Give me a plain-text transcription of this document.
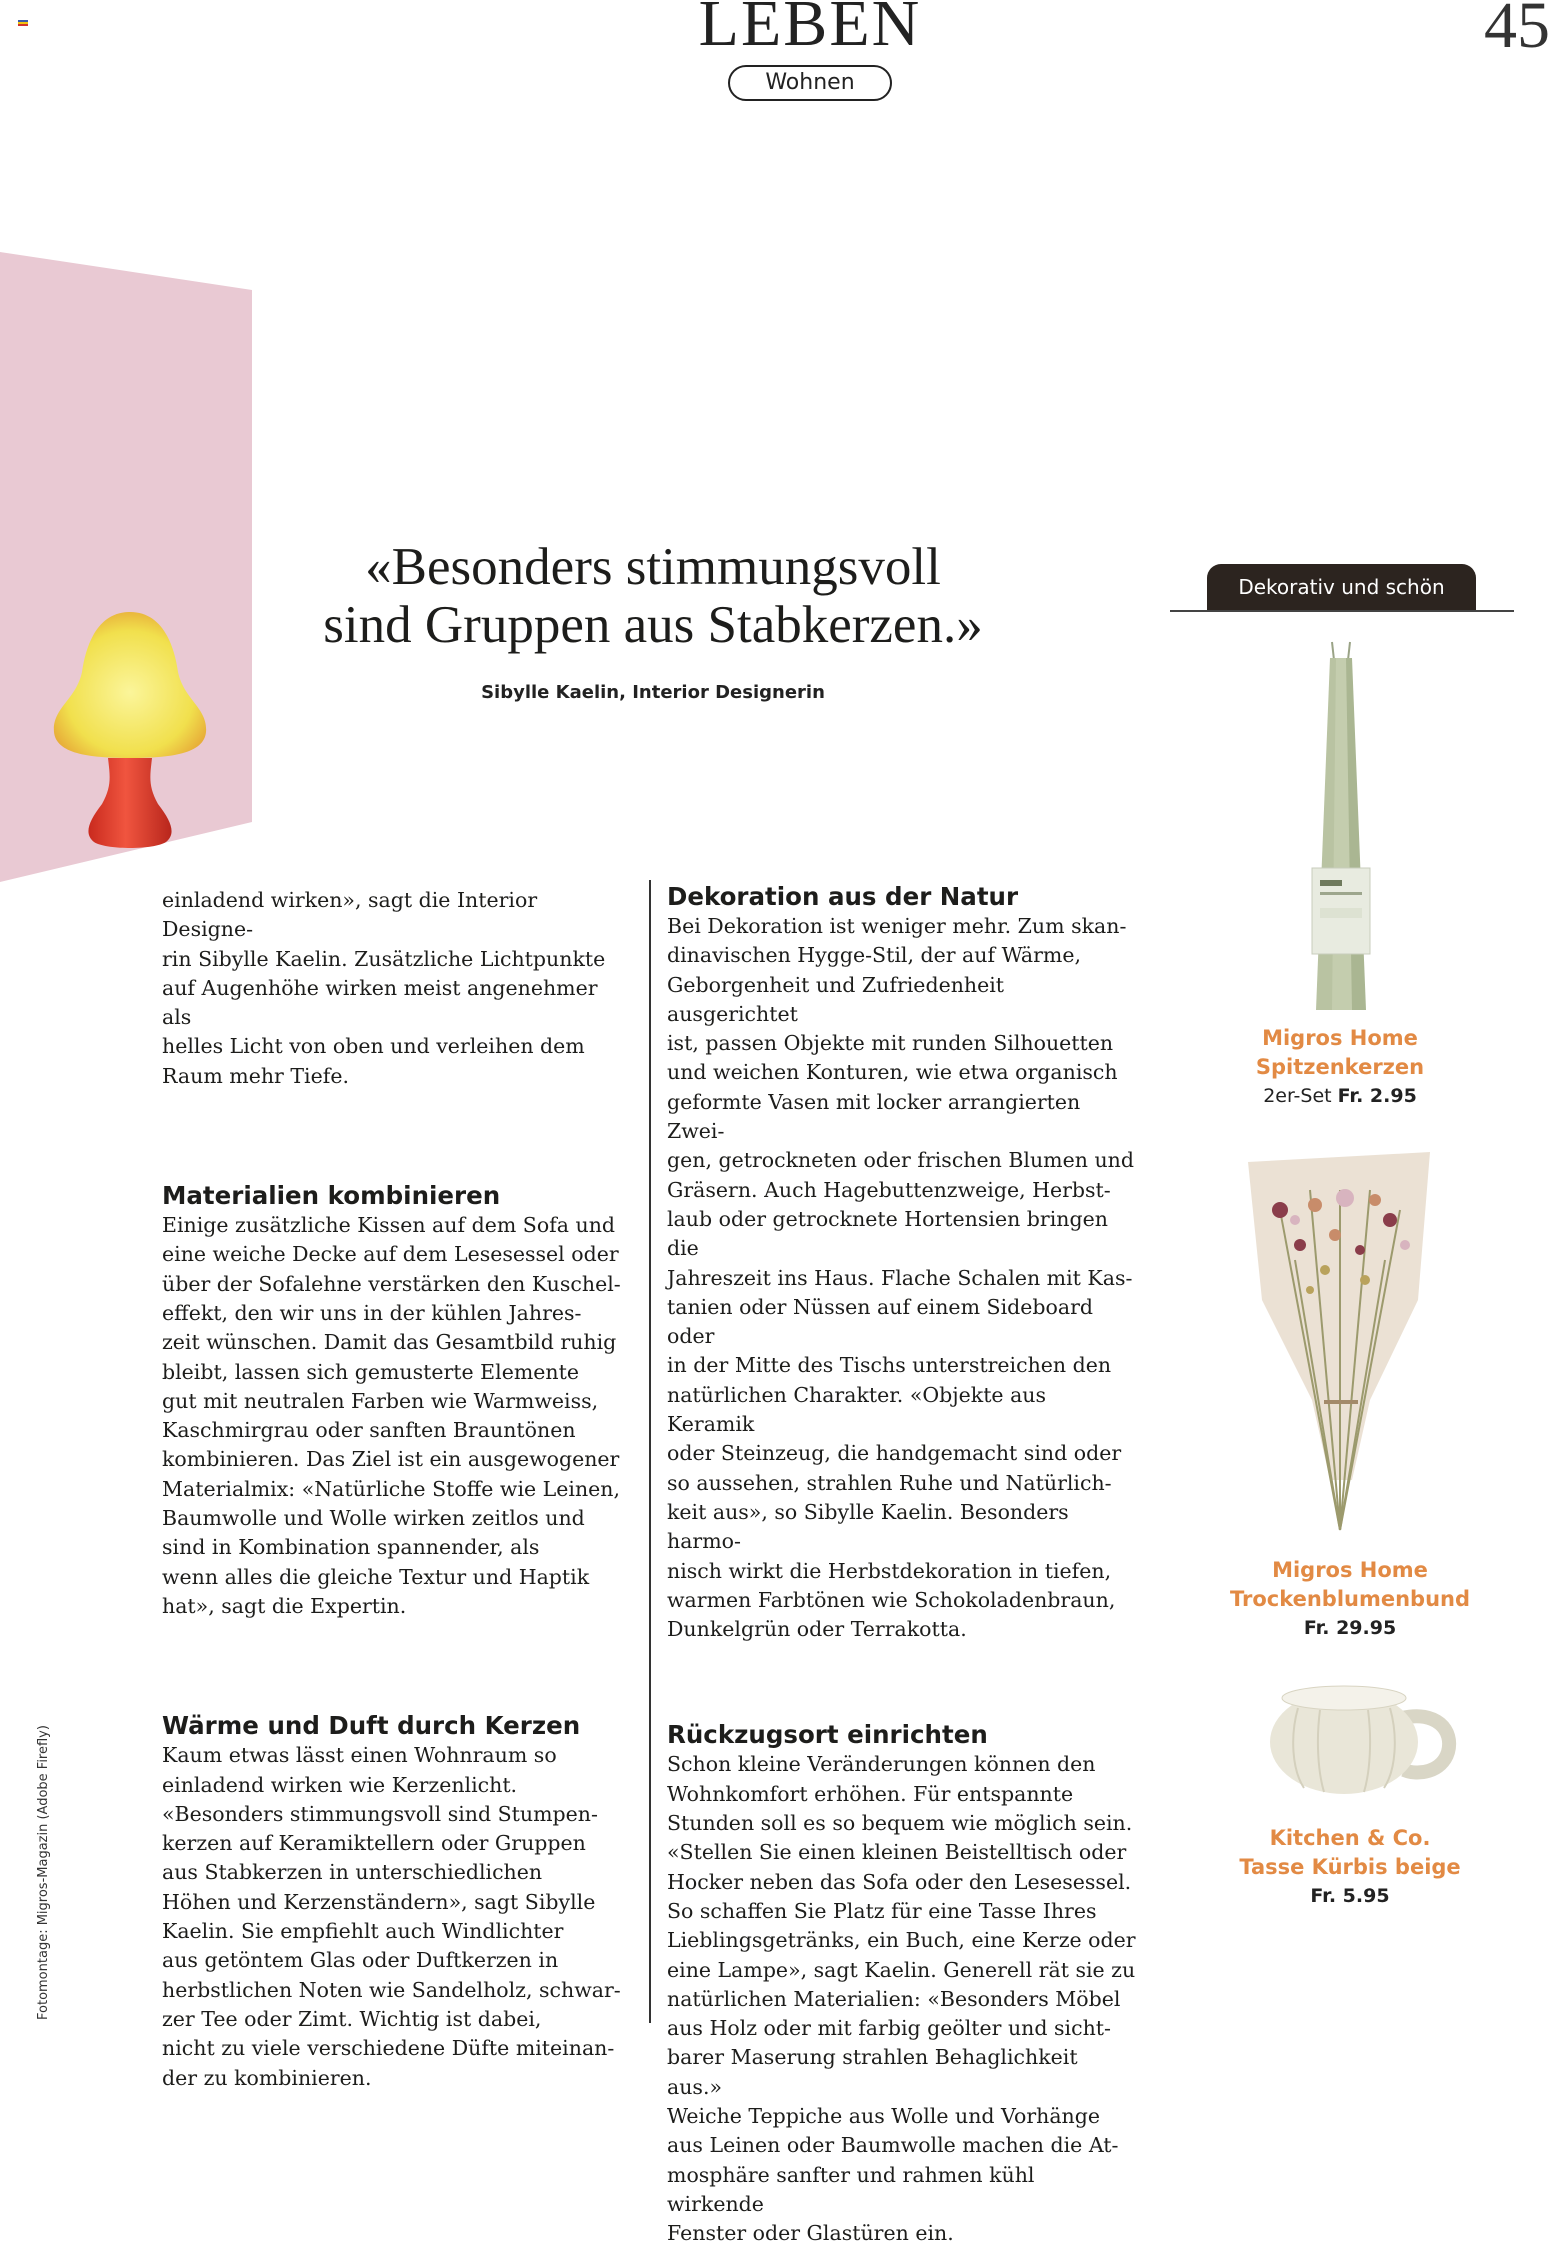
LEBEN	45
Wohnen
«Besonders stimmungsvoll
sind Gruppen aus Stabkerzen.»
Sibylle Kaelin, Interior Designerin

einladend wirken», sagt die Interior Designe-
rin Sibylle Kaelin. Zusätzliche Lichtpunkte
auf Augenhöhe wirken meist angenehmer als
helles Licht von oben und verleihen dem
Raum mehr Tiefe.

Materialien kombinieren

Einige zusätzliche Kissen auf dem Sofa und
eine weiche Decke auf dem Lesesessel oder
über der Sofalehne verstärken den Kuschel-
effekt, den wir uns in der kühlen Jahres-
zeit wünschen. Damit das Gesamtbild ruhig
bleibt, lassen sich gemusterte Elemente
gut mit neutralen Farben wie Warmweiss,
Kaschmirgrau oder sanften Brauntönen
kombinieren. Das Ziel ist ein ausgewogener
Materialmix: «Natürliche Stoffe wie Leinen,
Baumwolle und Wolle wirken zeitlos und
sind in Kombination spannender, als
wenn alles die gleiche Textur und Haptik
hat», sagt die Expertin.

Wärme und Duft durch Kerzen

Kaum etwas lässt einen Wohnraum so
einladend wirken wie Kerzenlicht.
«Besonders stimmungsvoll sind Stumpen-
kerzen auf Keramiktellern oder Gruppen
aus Stabkerzen in unterschiedlichen
Höhen und Kerzenständern», sagt Sibylle
Kaelin. Sie empfiehlt auch Windlichter
aus getöntem Glas oder Duftkerzen in
herbstlichen Noten wie Sandelholz, schwar-
zer Tee oder Zimt. Wichtig ist dabei,
nicht zu viele verschiedene Düfte miteinan-
der zu kombinieren.

Dekoration aus der Natur

Bei Dekoration ist weniger mehr. Zum skan-
dinavischen Hygge-Stil, der auf Wärme,
Geborgenheit und Zufriedenheit ausgerichtet
ist, passen Objekte mit runden Silhouetten
und weichen Konturen, wie etwa organisch
geformte Vasen mit locker arrangierten Zwei-
gen, getrockneten oder frischen Blumen und
Gräsern. Auch Hagebuttenzweige, Herbst-
laub oder getrocknete Hortensien bringen die
Jahreszeit ins Haus. Flache Schalen mit Kas-
tanien oder Nüssen auf einem Sideboard oder
in der Mitte des Tischs unterstreichen den
natürlichen Charakter. «Objekte aus Keramik
oder Steinzeug, die handgemacht sind oder
so aussehen, strahlen Ruhe und Natürlich-
keit aus», so Sibylle Kaelin. Besonders harmo-
nisch wirkt die Herbstdekoration in tiefen,
warmen Farbtönen wie Schokoladenbraun,
Dunkelgrün oder Terrakotta.

Rückzugsort einrichten

Schon kleine Veränderungen können den
Wohnkomfort erhöhen. Für entspannte
Stunden soll es so bequem wie möglich sein.
«Stellen Sie einen kleinen Beistelltisch oder
Hocker neben das Sofa oder den Lesesessel.
So schaffen Sie Platz für eine Tasse Ihres
Lieblingsgetränks, ein Buch, eine Kerze oder
eine Lampe», sagt Kaelin. Generell rät sie zu
natürlichen Materialien: «Besonders Möbel
aus Holz oder mit farbig geölter und sicht-
barer Maserung strahlen Behaglichkeit aus.»
Weiche Teppiche aus Wolle und Vorhänge
aus Leinen oder Baumwolle machen die At-
mosphäre sanfter und rahmen kühl wirkende
Fenster oder Glastüren ein.

Dekorativ und schön
Migros Home
Spitzenkerzen
2er-Set Fr. 2.95
Migros Home
Trockenblumenbund
Fr. 29.95
Kitchen & Co.
Tasse Kürbis beige
Fr. 5.95
Fotomontage: Migros-Magazin (Adobe Firefly)
